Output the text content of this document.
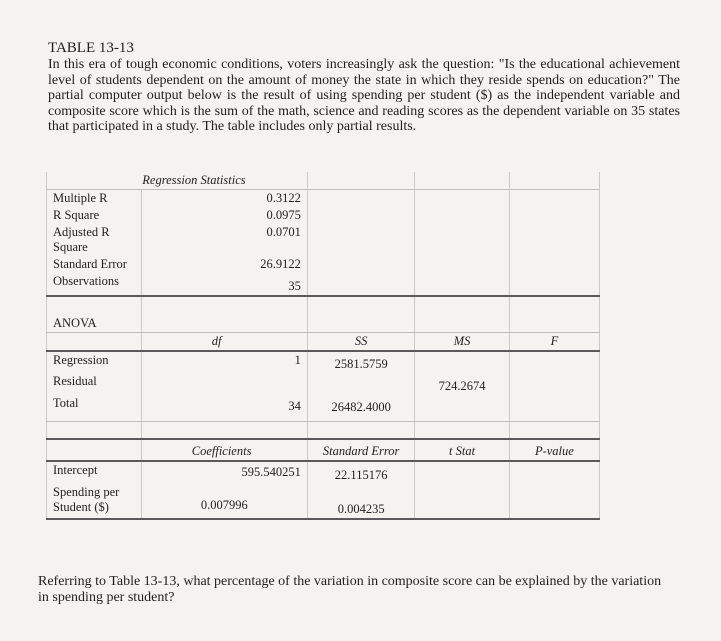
TABLE 13-13
In this era of tough economic conditions, voters increasingly ask the question: "Is the educational achievement level of students dependent on the amount of money the state in which they reside spends on education?" The partial computer output below is the result of using spending per student ($) as the independent variable and composite score which is the sum of the math, science and reading scores as the dependent variable on 35 states that participated in a study. The table includes only partial results.
Regression Statistics				
Multiple R	0.3122			
R Square	0.0975			
Adjusted R Square	0.0701			
Standard Error	26.9122			
Observations	35			

ANOVA				
	df	SS	MS	F
Regression	1	2581.5759		
Residual			724.2674	
Total	34	26482.4000		

	Coefficients	Standard Error	t Stat	P-value
Intercept	595.540251	22.115176		
Spending per Student ($)	0.007996	0.004235		
Referring to Table 13-13, what percentage of the variation in composite score can be explained by the variation in spending per student?
